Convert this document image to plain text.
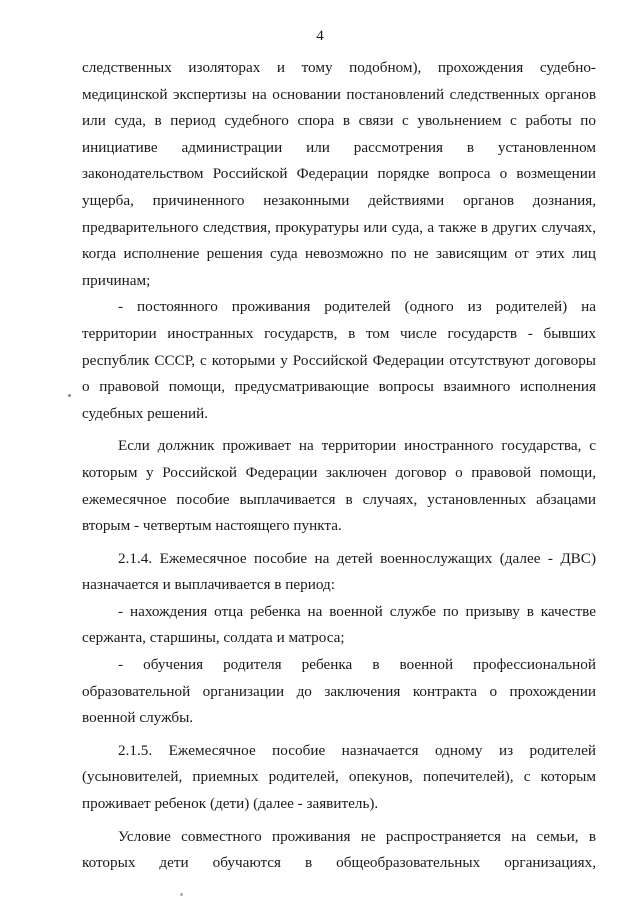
4

следственных изоляторах и тому подобном), прохождения судебно-медицинской экспертизы на основании постановлений следственных органов или суда, в период судебного спора в связи с увольнением с работы по инициативе администрации или рассмотрения в установленном законодательством Российской Федерации порядке вопроса о возмещении ущерба, причиненного незаконными действиями органов дознания, предварительного следствия, прокуратуры или суда, а также в других случаях, когда исполнение решения суда невозможно по не зависящим от этих лиц причинам;

- постоянного проживания родителей (одного из родителей) на территории иностранных государств, в том числе государств - бывших республик СССР, с которыми у Российской Федерации отсутствуют договоры о правовой помощи, предусматривающие вопросы взаимного исполнения судебных решений.

Если должник проживает на территории иностранного государства, с которым у Российской Федерации заключен договор о правовой помощи, ежемесячное пособие выплачивается в случаях, установленных абзацами вторым - четвертым настоящего пункта.

2.1.4. Ежемесячное пособие на детей военнослужащих (далее - ДВС) назначается и выплачивается в период:

- нахождения отца ребенка на военной службе по призыву в качестве сержанта, старшины, солдата и матроса;

- обучения родителя ребенка в военной профессиональной образовательной организации до заключения контракта о прохождении военной службы.

2.1.5. Ежемесячное пособие назначается одному из родителей (усыновителей, приемных родителей, опекунов, попечителей), с которым проживает ребенок (дети) (далее - заявитель).

Условие совместного проживания не распространяется на семьи, в которых дети обучаются в общеобразовательных организациях,
